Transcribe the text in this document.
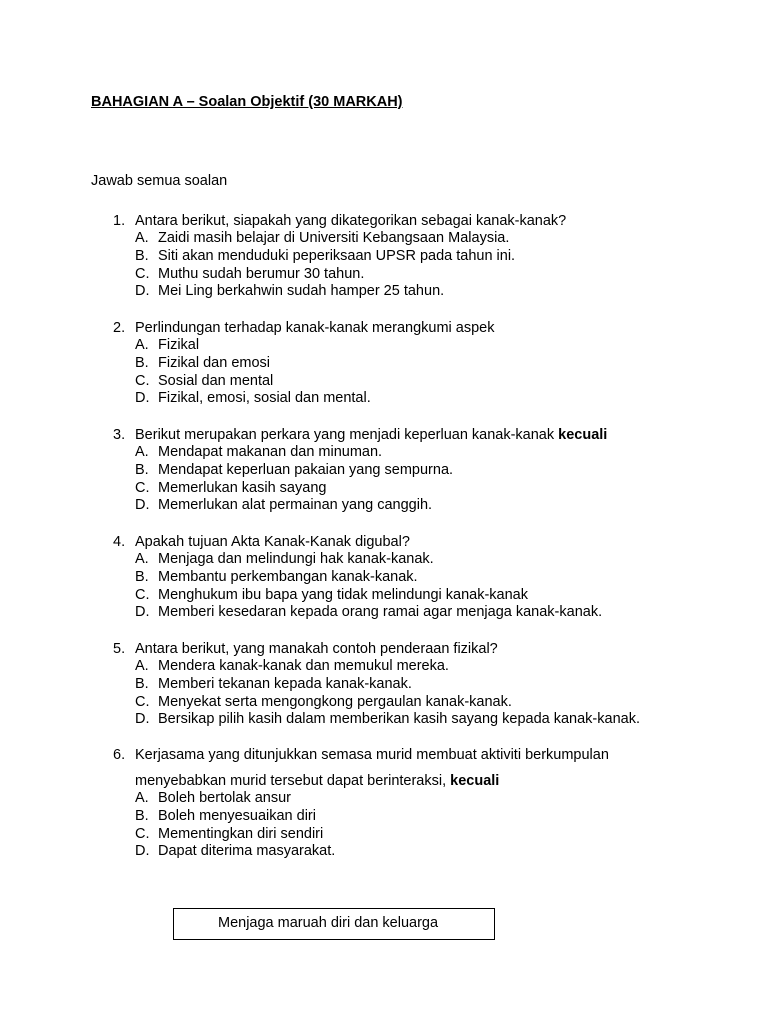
BAHAGIAN A – Soalan Objektif (30 MARKAH)
Jawab semua soalan
1. Antara berikut, siapakah yang dikategorikan sebagai kanak-kanak?
A. Zaidi masih belajar di Universiti Kebangsaan Malaysia.
B. Siti akan menduduki peperiksaan UPSR pada tahun ini.
C. Muthu sudah berumur 30 tahun.
D. Mei Ling berkahwin sudah hamper 25 tahun.
2. Perlindungan terhadap kanak-kanak merangkumi aspek
A. Fizikal
B. Fizikal dan emosi
C. Sosial dan mental
D. Fizikal, emosi, sosial dan mental.
3. Berikut merupakan perkara yang menjadi keperluan kanak-kanak kecuali
A. Mendapat makanan dan minuman.
B. Mendapat keperluan pakaian yang sempurna.
C. Memerlukan kasih sayang
D. Memerlukan alat permainan yang canggih.
4. Apakah tujuan Akta Kanak-Kanak digubal?
A. Menjaga dan melindungi hak kanak-kanak.
B. Membantu perkembangan kanak-kanak.
C. Menghukum ibu bapa yang tidak melindungi kanak-kanak
D. Memberi kesedaran kepada orang ramai agar menjaga kanak-kanak.
5. Antara berikut, yang manakah contoh penderaan fizikal?
A. Mendera kanak-kanak dan memukul mereka.
B. Memberi tekanan kepada kanak-kanak.
C. Menyekat serta mengongkong pergaulan kanak-kanak.
D. Bersikap pilih kasih dalam memberikan kasih sayang kepada kanak-kanak.
6. Kerjasama yang ditunjukkan semasa murid membuat aktiviti berkumpulan
menyebabkan murid tersebut dapat berinteraksi, kecuali
A. Boleh bertolak ansur
B. Boleh menyesuaikan diri
C. Mementingkan diri sendiri
D. Dapat diterima masyarakat.
Menjaga maruah diri dan keluarga
